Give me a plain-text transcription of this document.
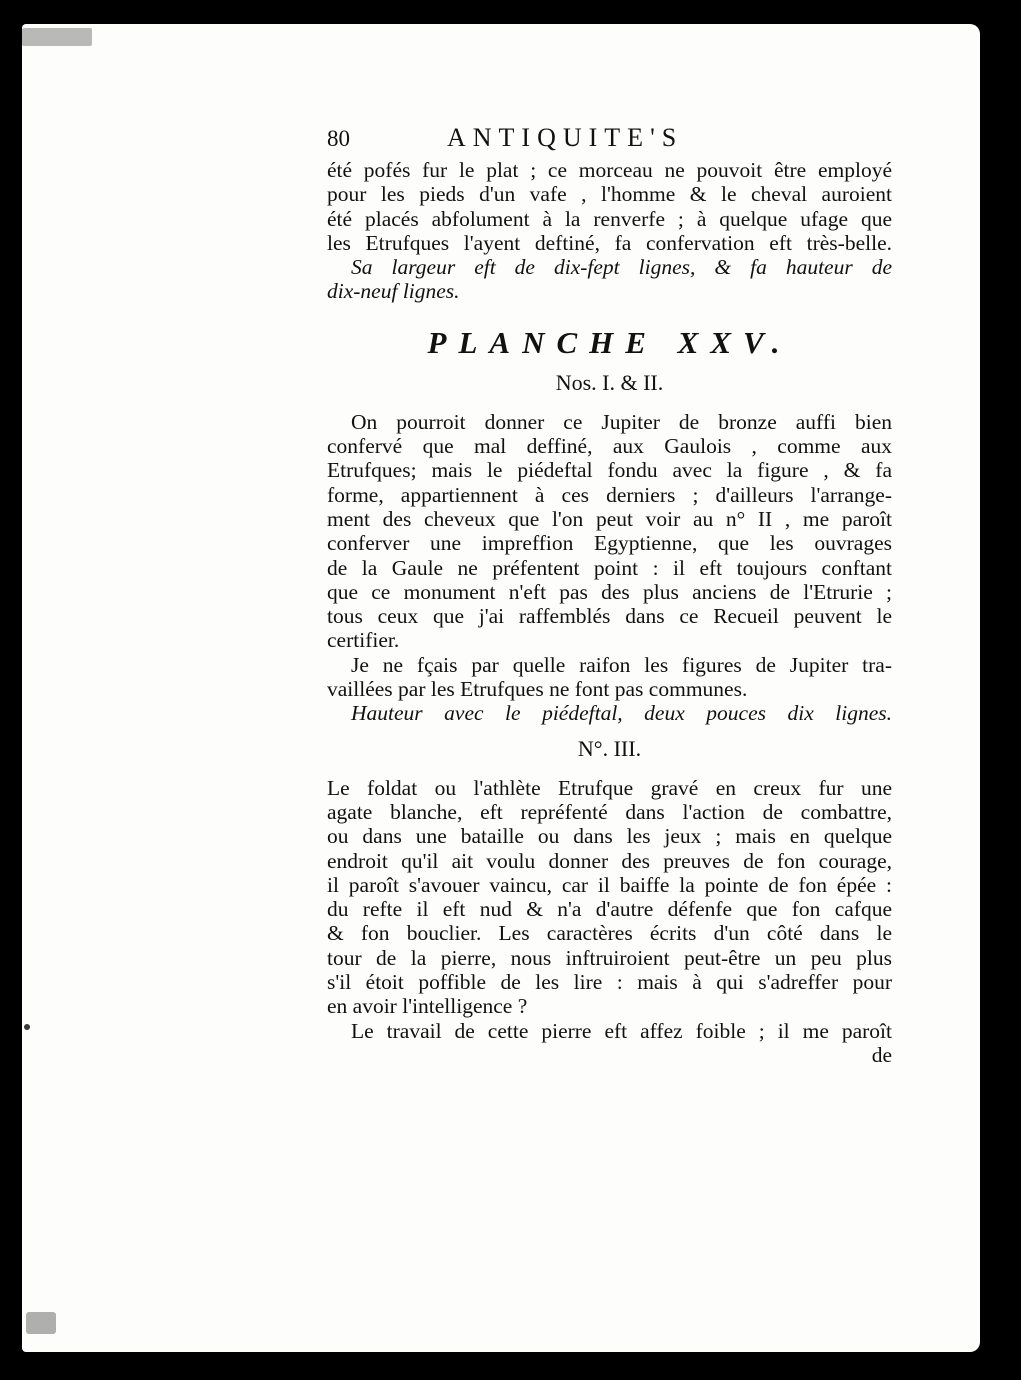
80	ANTIQUITE'S
été pofés fur le plat ; ce morceau ne pouvoit être employé
pour les pieds d'un vafe , l'homme & le cheval auroient
été placés abfolument à la renverfe ; à quelque ufage que
les Etrufques l'ayent deftiné, fa confervation eft très-belle.
Sa largeur eft de dix-fept lignes, & fa hauteur de
dix-neuf lignes.
PLANCHE XXV.
Nos. I. & II.
On pourroit donner ce Jupiter de bronze auffi bien
confervé que mal deffiné, aux Gaulois , comme aux
Etrufques; mais le piédeftal fondu avec la figure , & fa
forme, appartiennent à ces derniers ; d'ailleurs l'arrange-
ment des cheveux que l'on peut voir au n° II , me paroît
conferver une impreffion Egyptienne, que les ouvrages
de la Gaule ne préfentent point : il eft toujours conftant
que ce monument n'eft pas des plus anciens de l'Etrurie ;
tous ceux que j'ai raffemblés dans ce Recueil peuvent le
certifier.
Je ne fçais par quelle raifon les figures de Jupiter tra-
vaillées par les Etrufques ne font pas communes.
Hauteur avec le piédeftal, deux pouces dix lignes.
N°. III.
Le foldat ou l'athlète Etrufque gravé en creux fur une
agate blanche, eft repréfenté dans l'action de combattre,
ou dans une bataille ou dans les jeux ; mais en quelque
endroit qu'il ait voulu donner des preuves de fon courage,
il paroît s'avouer vaincu, car il baiffe la pointe de fon épée :
du refte il eft nud & n'a d'autre défenfe que fon cafque
& fon bouclier. Les caractères écrits d'un côté dans le
tour de la pierre, nous inftruiroient peut-être un peu plus
s'il étoit poffible de les lire : mais à qui s'adreffer pour
en avoir l'intelligence ?
Le travail de cette pierre eft affez foible ; il me paroît
de
